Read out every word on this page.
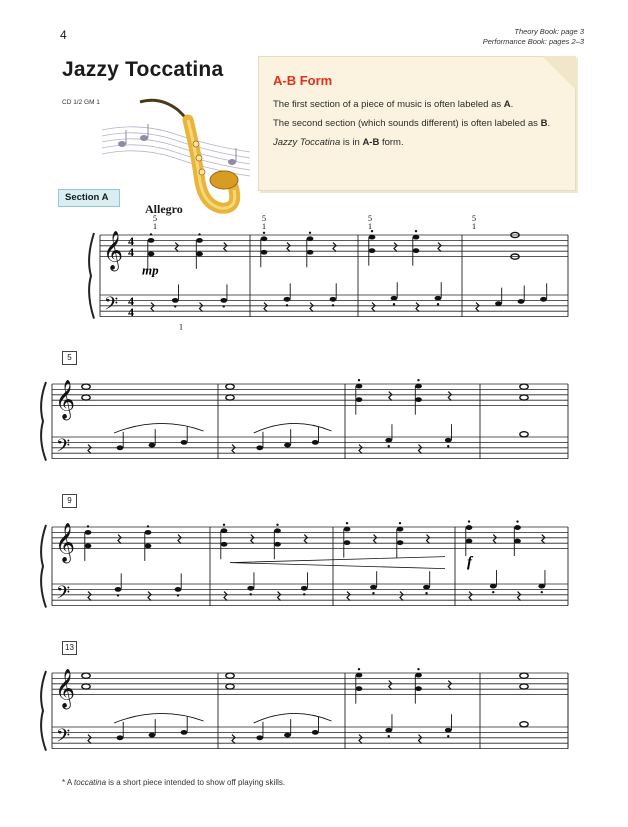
4	Theory Book: page 3
Performance Book: pages 2–3
Jazzy Toccatina
CD 1/2 GM 1
A-B Form
The first section of a piece of music is often labeled as A.
The second section (which sounds different) is often labeled as B.
Jazzy Toccatina is in A-B form.
Section A
Allegro
5
9
13
𝄞
𝄢
4
4
4
4
mp
5
1
5
1
5
1
5
1
1
𝄞
𝄢
𝄞
𝄢
f
𝄞
𝄢
* A toccatina is a short piece intended to show off playing skills.
